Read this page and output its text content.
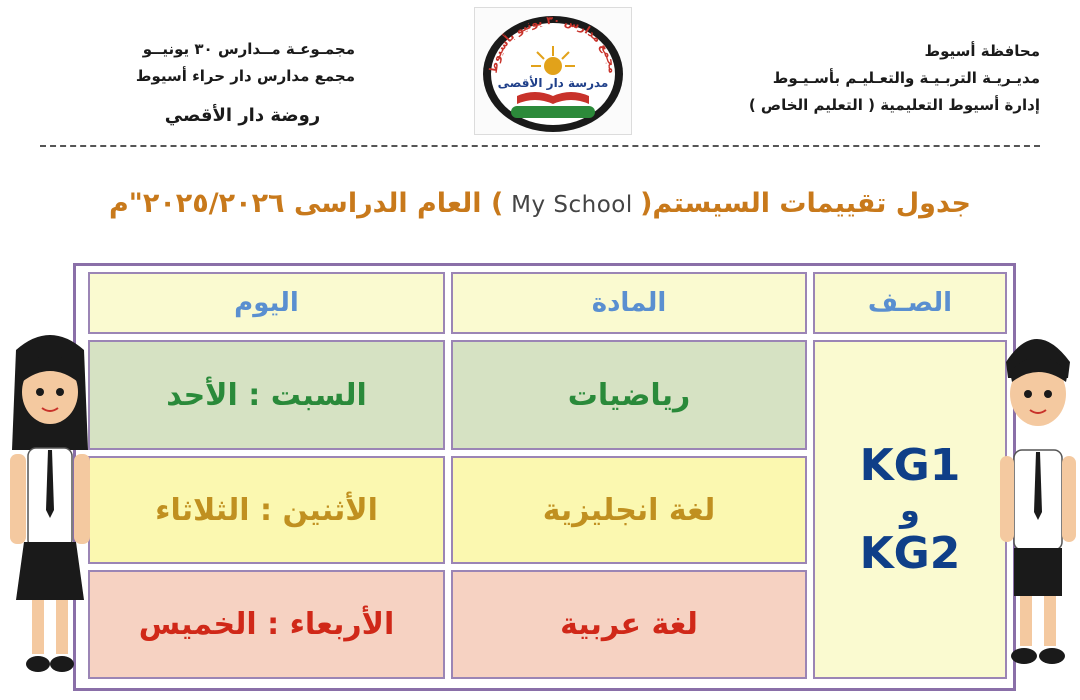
محافظة أسيوط
مديـريـة التربـيـة والتعـليـم بأسـيـوط
إدارة أسيوط التعليمية ( التعليم الخاص )
مجمـوعـة مــدارس ٣٠ يونيــو
مجمع مدارس دار حراء أسيوط
روضة دار الأقصي
مجمع مدارس ٣٠ يونيو بأسيوط
مدرسة دار الأقصى
جدول تقييمات السيستم( My School ) العام الدراسى ٢٠٢٥/٢٠٢٦"م
الصـف
المادة
اليوم
KG1
و
KG2
رياضيات
السبت : الأحد
لغة انجليزية
الأثنين : الثلاثاء
لغة عربية
الأربعاء : الخميس
